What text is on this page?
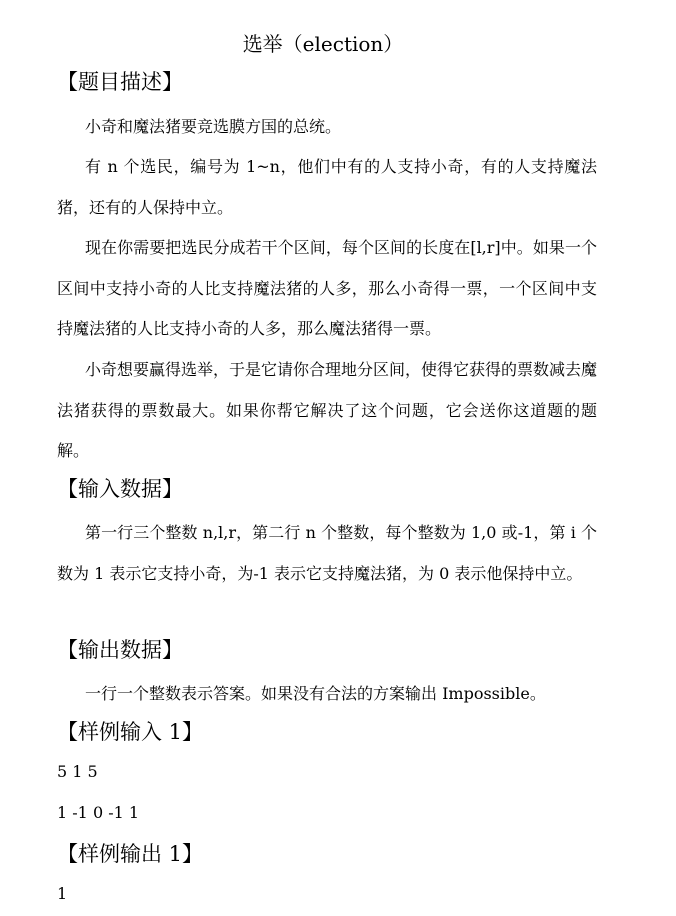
选举（election）
【题目描述】
小奇和魔法猪要竞选膜方国的总统。
有 n 个选民，编号为 1~n，他们中有的人支持小奇，有的人支持魔法猪，还有的人保持中立。
现在你需要把选民分成若干个区间，每个区间的长度在[l,r]中。如果一个区间中支持小奇的人比支持魔法猪的人多，那么小奇得一票，一个区间中支持魔法猪的人比支持小奇的人多，那么魔法猪得一票。
小奇想要赢得选举，于是它请你合理地分区间，使得它获得的票数减去魔法猪获得的票数最大。如果你帮它解决了这个问题，它会送你这道题的题解。
【输入数据】
第一行三个整数 n,l,r，第二行 n 个整数，每个整数为 1,0 或-1，第 i 个数为 1 表示它支持小奇，为-1 表示它支持魔法猪，为 0 表示他保持中立。
【输出数据】
一行一个整数表示答案。如果没有合法的方案输出 Impossible。
【样例输入 1】
5 1 5
1 -1 0 -1 1
【样例输出 1】
1
